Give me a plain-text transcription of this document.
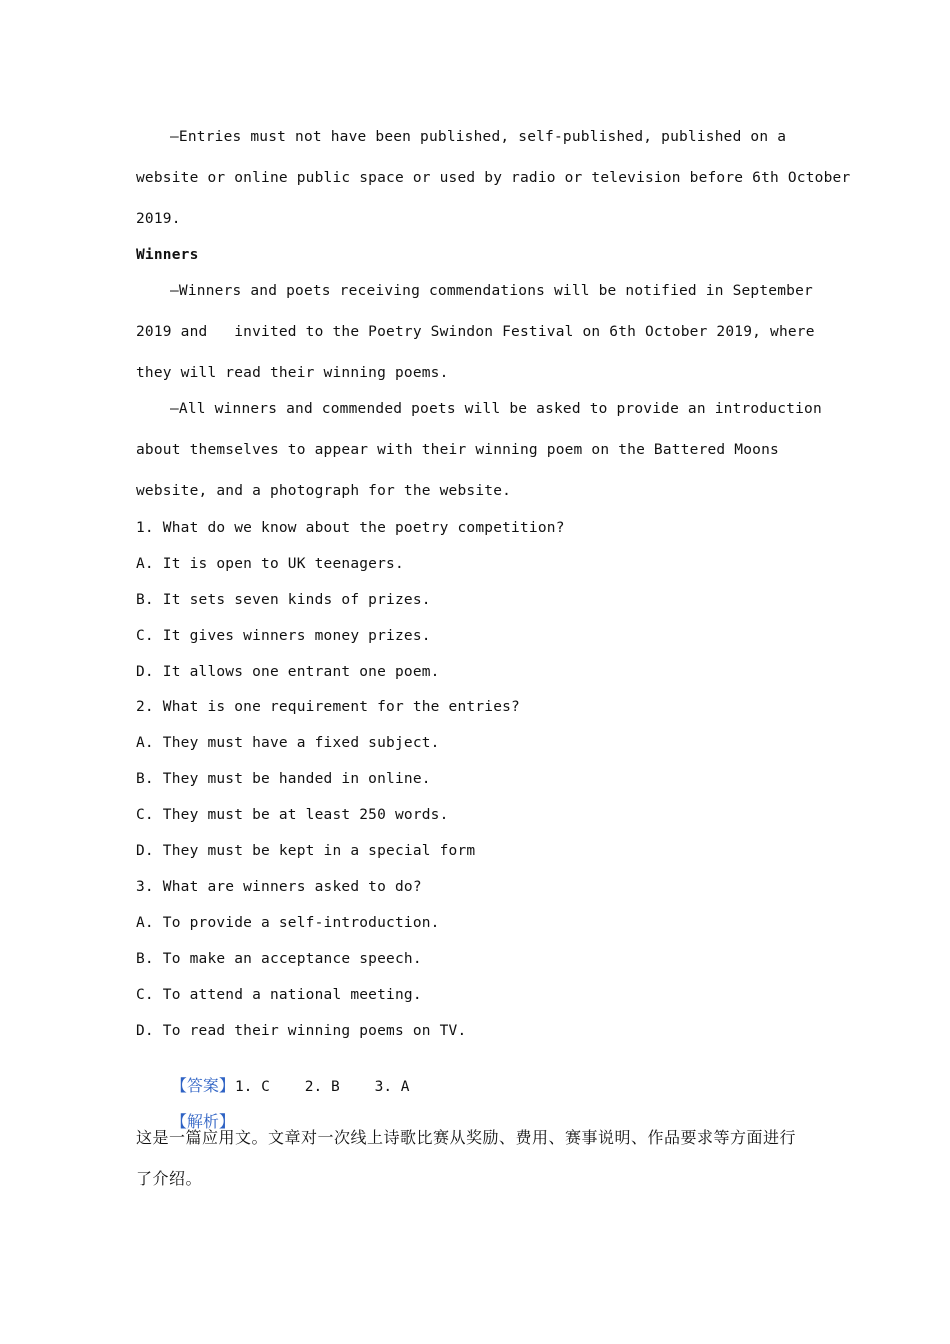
—Entries must not have been published, self-published, published on a
website or online public space or used by radio or television before 6th October
2019.
Winners
—Winners and poets receiving commendations will be notified in September
2019 and   invited to the Poetry Swindon Festival on 6th October 2019, where
they will read their winning poems.
—All winners and commended poets will be asked to provide an introduction
about themselves to appear with their winning poem on the Battered Moons
website, and a photograph for the website.
1. What do we know about the poetry competition?
A. It is open to UK teenagers.
B. It sets seven kinds of prizes.
C. It gives winners money prizes.
D. It allows one entrant one poem.
2. What is one requirement for the entries?
A. They must have a fixed subject.
B. They must be handed in online.
C. They must be at least 250 words.
D. They must be kept in a special form
3. What are winners asked to do?
A. To provide a self-introduction.
B. To make an acceptance speech.
C. To attend a national meeting.
D. To read their winning poems on TV.

【答案】1. C    2. B    3. A

【解析】

这是一篇应用文。文章对一次线上诗歌比赛从奖励、费用、赛事说明、作品要求等方面进行
了介绍。
